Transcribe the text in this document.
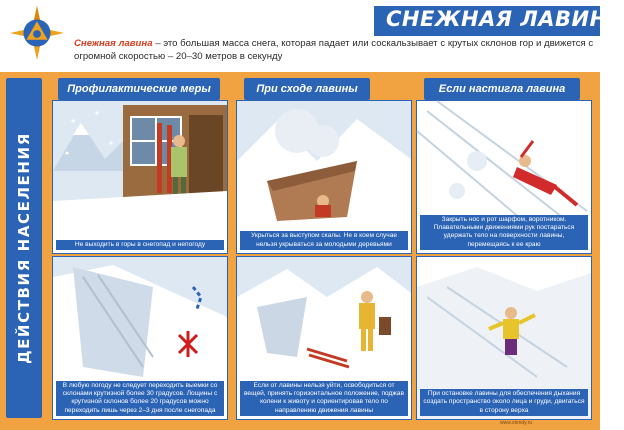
СНЕЖНАЯ ЛАВИНА
Снежная лавина – это большая масса снега, которая падает или соскальзывает с крутых склонов гор и движется с огромной скоростью – 20–30 метров в секунду
ДЕЙСТВИЯ НАСЕЛЕНИЯ
Профилактические меры	При сходе лавины	Если настигла лавина
Не выходить в горы в снегопад и непогоду
В любую погоду не следует переходить выемки со склонами крутизной более 30 градусов. Лощины с крутизной склонов более 20 градусов можно переходить лишь через 2–3 дня после снегопада
Укрыться за выступом скалы. Не в коем случае нельзя укрываться за молодыми деревьями
Если от лавины нельзя уйти, освободиться от вещей, принять горизонтальное положение, поджав колени к животу и сориентировав тело по направлению движения лавины
Закрыть нос и рот шарфом, воротником. Плавательными движениями рук постараться удержать тело на поверхности лавины, перемещаясь к ее краю
При остановке лавины для обеспечения дыхания создать пространство около лица и груди, двигаться в сторону верха
www.stendy.ru
